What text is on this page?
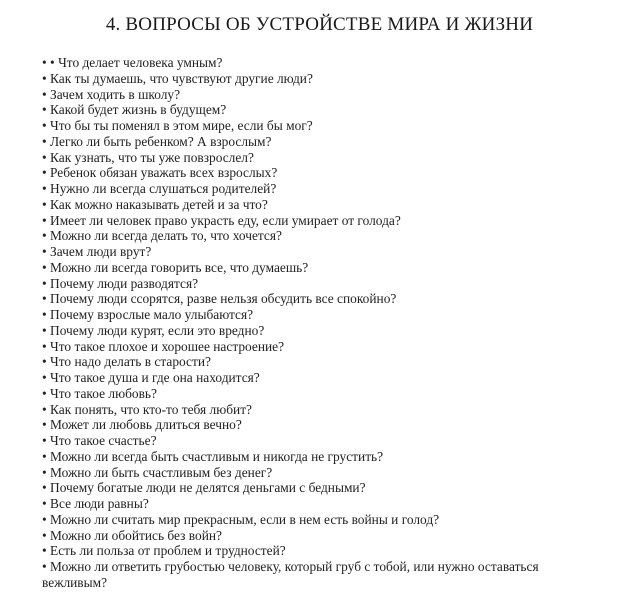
4. ВОПРОСЫ ОБ УСТРОЙСТВЕ МИРА И ЖИЗНИ
• • Что делает человека умным?
• Как ты думаешь, что чувствуют другие люди?
• Зачем ходить в школу?
• Какой будет жизнь в будущем?
• Что бы ты поменял в этом мире, если бы мог?
• Легко ли быть ребенком? А взрослым?
• Как узнать, что ты уже повзрослел?
• Ребенок обязан уважать всех взрослых?
• Нужно ли всегда слушаться родителей?
• Как можно наказывать детей и за что?
• Имеет ли человек право украсть еду, если умирает от голода?
• Можно ли всегда делать то, что хочется?
• Зачем люди врут?
• Можно ли всегда говорить все, что думаешь?
• Почему люди разводятся?
• Почему люди ссорятся, разве нельзя обсудить все спокойно?
• Почему взрослые мало улыбаются?
• Почему люди курят, если это вредно?
• Что такое плохое и хорошее настроение?
• Что надо делать в старости?
• Что такое душа и где она находится?
• Что такое любовь?
• Как понять, что кто-то тебя любит?
• Может ли любовь длиться вечно?
• Что такое счастье?
• Можно ли всегда быть счастливым и никогда не грустить?
• Можно ли быть счастливым без денег?
• Почему богатые люди не делятся деньгами с бедными?
• Все люди равны?
• Можно ли считать мир прекрасным, если в нем есть войны и голод?
• Можно ли обойтись без войн?
• Есть ли польза от проблем и трудностей?
• Можно ли ответить грубостью человеку, который груб с тобой, или нужно оставаться вежливым?
